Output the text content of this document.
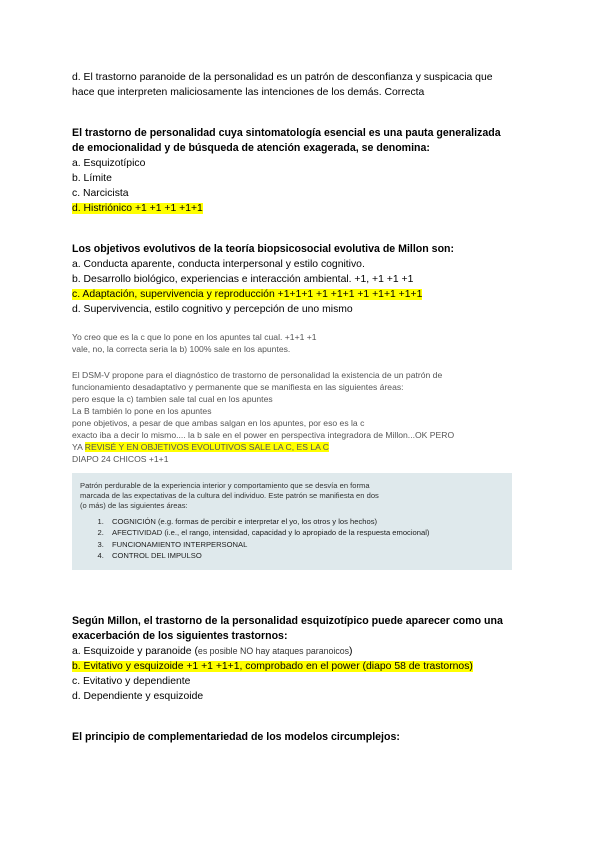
d. El trastorno paranoide de la personalidad es un patrón de desconfianza y suspicacia que
hace que interpreten maliciosamente las intenciones de los demás. Correcta
El trastorno de personalidad cuya sintomatología esencial es una pauta generalizada
de emocionalidad y de búsqueda de atención exagerada, se denomina:
a. Esquizotípico
b. Límite
c. Narcicista
d. Histriónico +1 +1 +1 +1+1
Los objetivos evolutivos de la teoría biopsicosocial evolutiva de Millon son:
a. Conducta aparente, conducta interpersonal y estilo cognitivo.
b. Desarrollo biológico, experiencias e interacción ambiental. +1, +1 +1 +1
c. Adaptación, supervivencia y reproducción +1+1+1 +1 +1+1 +1 +1+1 +1+1
d. Supervivencia, estilo cognitivo y percepción de uno mismo
Yo creo que es la c que lo pone en los apuntes tal cual. +1+1 +1
vale, no, la correcta seria la b) 100% sale en los apuntes.
El DSM-V propone para el diagnóstico de trastorno de personalidad la existencia de un patrón de
funcionamiento desadaptativo y permanente que se manifiesta en las siguientes áreas:
pero esque la c) tambien sale tal cual en los apuntes
La B también lo pone en los apuntes
pone objetivos, a pesar de que ambas salgan en los apuntes, por eso es la c
exacto iba a decir lo mismo.... la b sale en el power en perspectiva integradora de Millon...OK PERO
YA REVISÉ Y EN OBJETIVOS EVOLUTIVOS SALE LA C, ES LA C
DIAPO 24 CHICOS +1+1
Patrón perdurable de la experiencia interior y comportamiento que se desvía en forma
marcada de las expectativas de la cultura del individuo. Este patrón se manifiesta en dos
(o más) de las siguientes áreas:
1. COGNICIÓN (e.g. formas de percibir e interpretar el yo, los otros y los hechos)
2. AFECTIVIDAD (i.e., el rango, intensidad, capacidad y lo apropiado de la respuesta emocional)
3. FUNCIONAMIENTO INTERPERSONAL
4. CONTROL DEL IMPULSO
Según Millon, el trastorno de la personalidad esquizotípico puede aparecer como una
exacerbación de los siguientes trastornos:
a. Esquizoide y paranoide (es posible NO hay ataques paranoicos)
b. Evitativo y esquizoide +1 +1 +1+1, comprobado en el power (diapo 58 de trastornos)
c. Evitativo y dependiente
d. Dependiente y esquizoide
El principio de complementariedad de los modelos circumplejos:
